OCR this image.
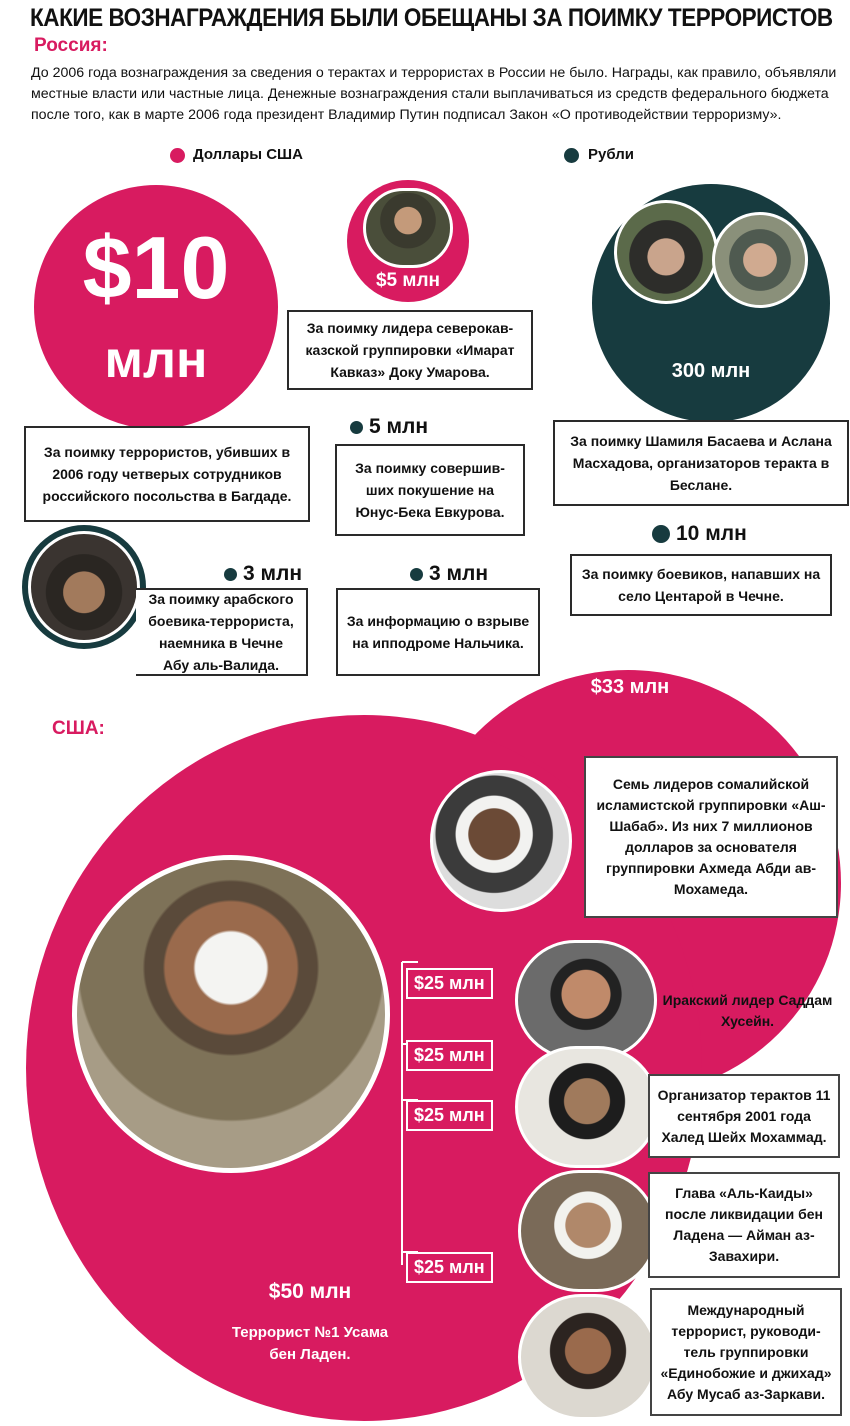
КАКИЕ ВОЗНАГРАЖДЕНИЯ БЫЛИ ОБЕЩАНЫ ЗА ПОИМКУ ТЕРРОРИСТОВ
Россия:
До 2006 года вознаграждения за сведения о терактах и террористах в России не было. Награды, как правило, объявляли местные власти или частные лица. Денежные вознаграждения стали выплачиваться из средств федерального бюджета после того, как в марте 2006 года президент Владимир Путин подписал Закон «О противодействии терроризму».
Доллары США	Рубли
$10
млн
За поимку террористов, убивших в 2006 году четверых сотрудников российского посольства в Багдаде.
$5 млн
За поимку лидера северокав-казской группировки «Имарат Кавказ» Доку Умарова.
5 млн
За поимку совершив-ших покушение на Юнус-Бека Евкурова.
300 млн
За поимку Шамиля Басаева и Аслана Масхадова, организаторов теракта в Беслане.
10 млн
За поимку боевиков, напавших на село Центарой в Чечне.
3 млн
За поимку арабского боевика-террориста, наемника в Чечне Абу аль-Валида.
3 млн
За информацию о взрыве на ипподроме Нальчика.
США:
$33 млн
Семь лидеров сомалийской исламистской группировки «Аш-Шабаб». Из них 7 миллионов долларов за основателя группировки Ахмеда Абди ав-Мохамеда.
$50 млн
Террорист №1 Усама бен Ладен.
$25 млн
Иракский лидер Саддам Хусейн.
$25 млн
Организатор терактов 11 сентября 2001 года Халед Шейх Мохаммад.
$25 млн
Глава «Аль-Каиды» после ликвидации бен Ладена — Айман аз-Завахири.
$25 млн
Международный террорист, руководи-тель группировки «Единобожие и джихад» Абу Мусаб аз-Заркави.
